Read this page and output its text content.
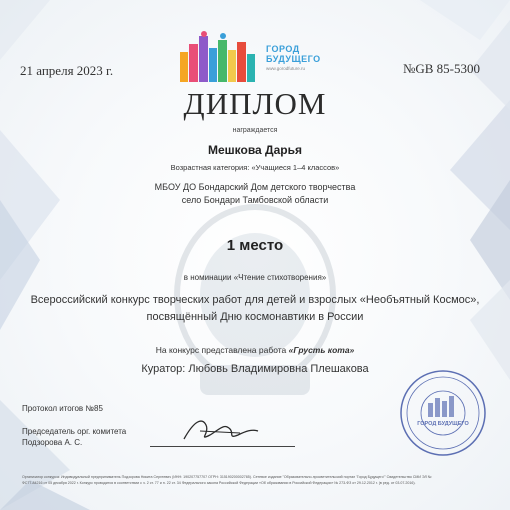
21 апреля 2023 г.	№GB 85-5300
ГОРОД
БУДУЩЕГО
www.gorodfuture.ru
ДИПЛОМ
награждается
Мешкова Дарья
Возрастная категория: «Учащиеся 1–4 классов»
МБОУ ДО Бондарский Дом детского творчества
село Бондари Тамбовской области
1 место
в номинации «Чтение стихотворения»
Всероссийский конкурс творческих работ для детей и взрослых «Необъятный Космос»,
посвящённый Дню космонавтики в России
На конкурс представлена работа «Грусть кота»
Куратор: Любовь Владимировна Плешакова
Протокол итогов №85
Председатель орг. комитета
Подзорова А. С.
ГОРОД БУДУЩЕГО
Организатор конкурса: Индивидуальный предприниматель Подзорова Никита Сергеевич (ИНН: 190207757707 ОГРН: 315190200002785). Сетевое издание "Образовательно-просветительский портал 'Город Будущего'" Свидетельство СМИ ЭЛ №
ФС77-84216 от 05 декабря 2022 г. Конкурс проводится в соответствии с ч. 2 ст. 77 и п. 22 ст. 34 Федерального закона Российской Федерации «Об образовании в Российской Федерации» № 273-ФЗ от 29.12.2012 г. (в ред. от 03.07.2016).
